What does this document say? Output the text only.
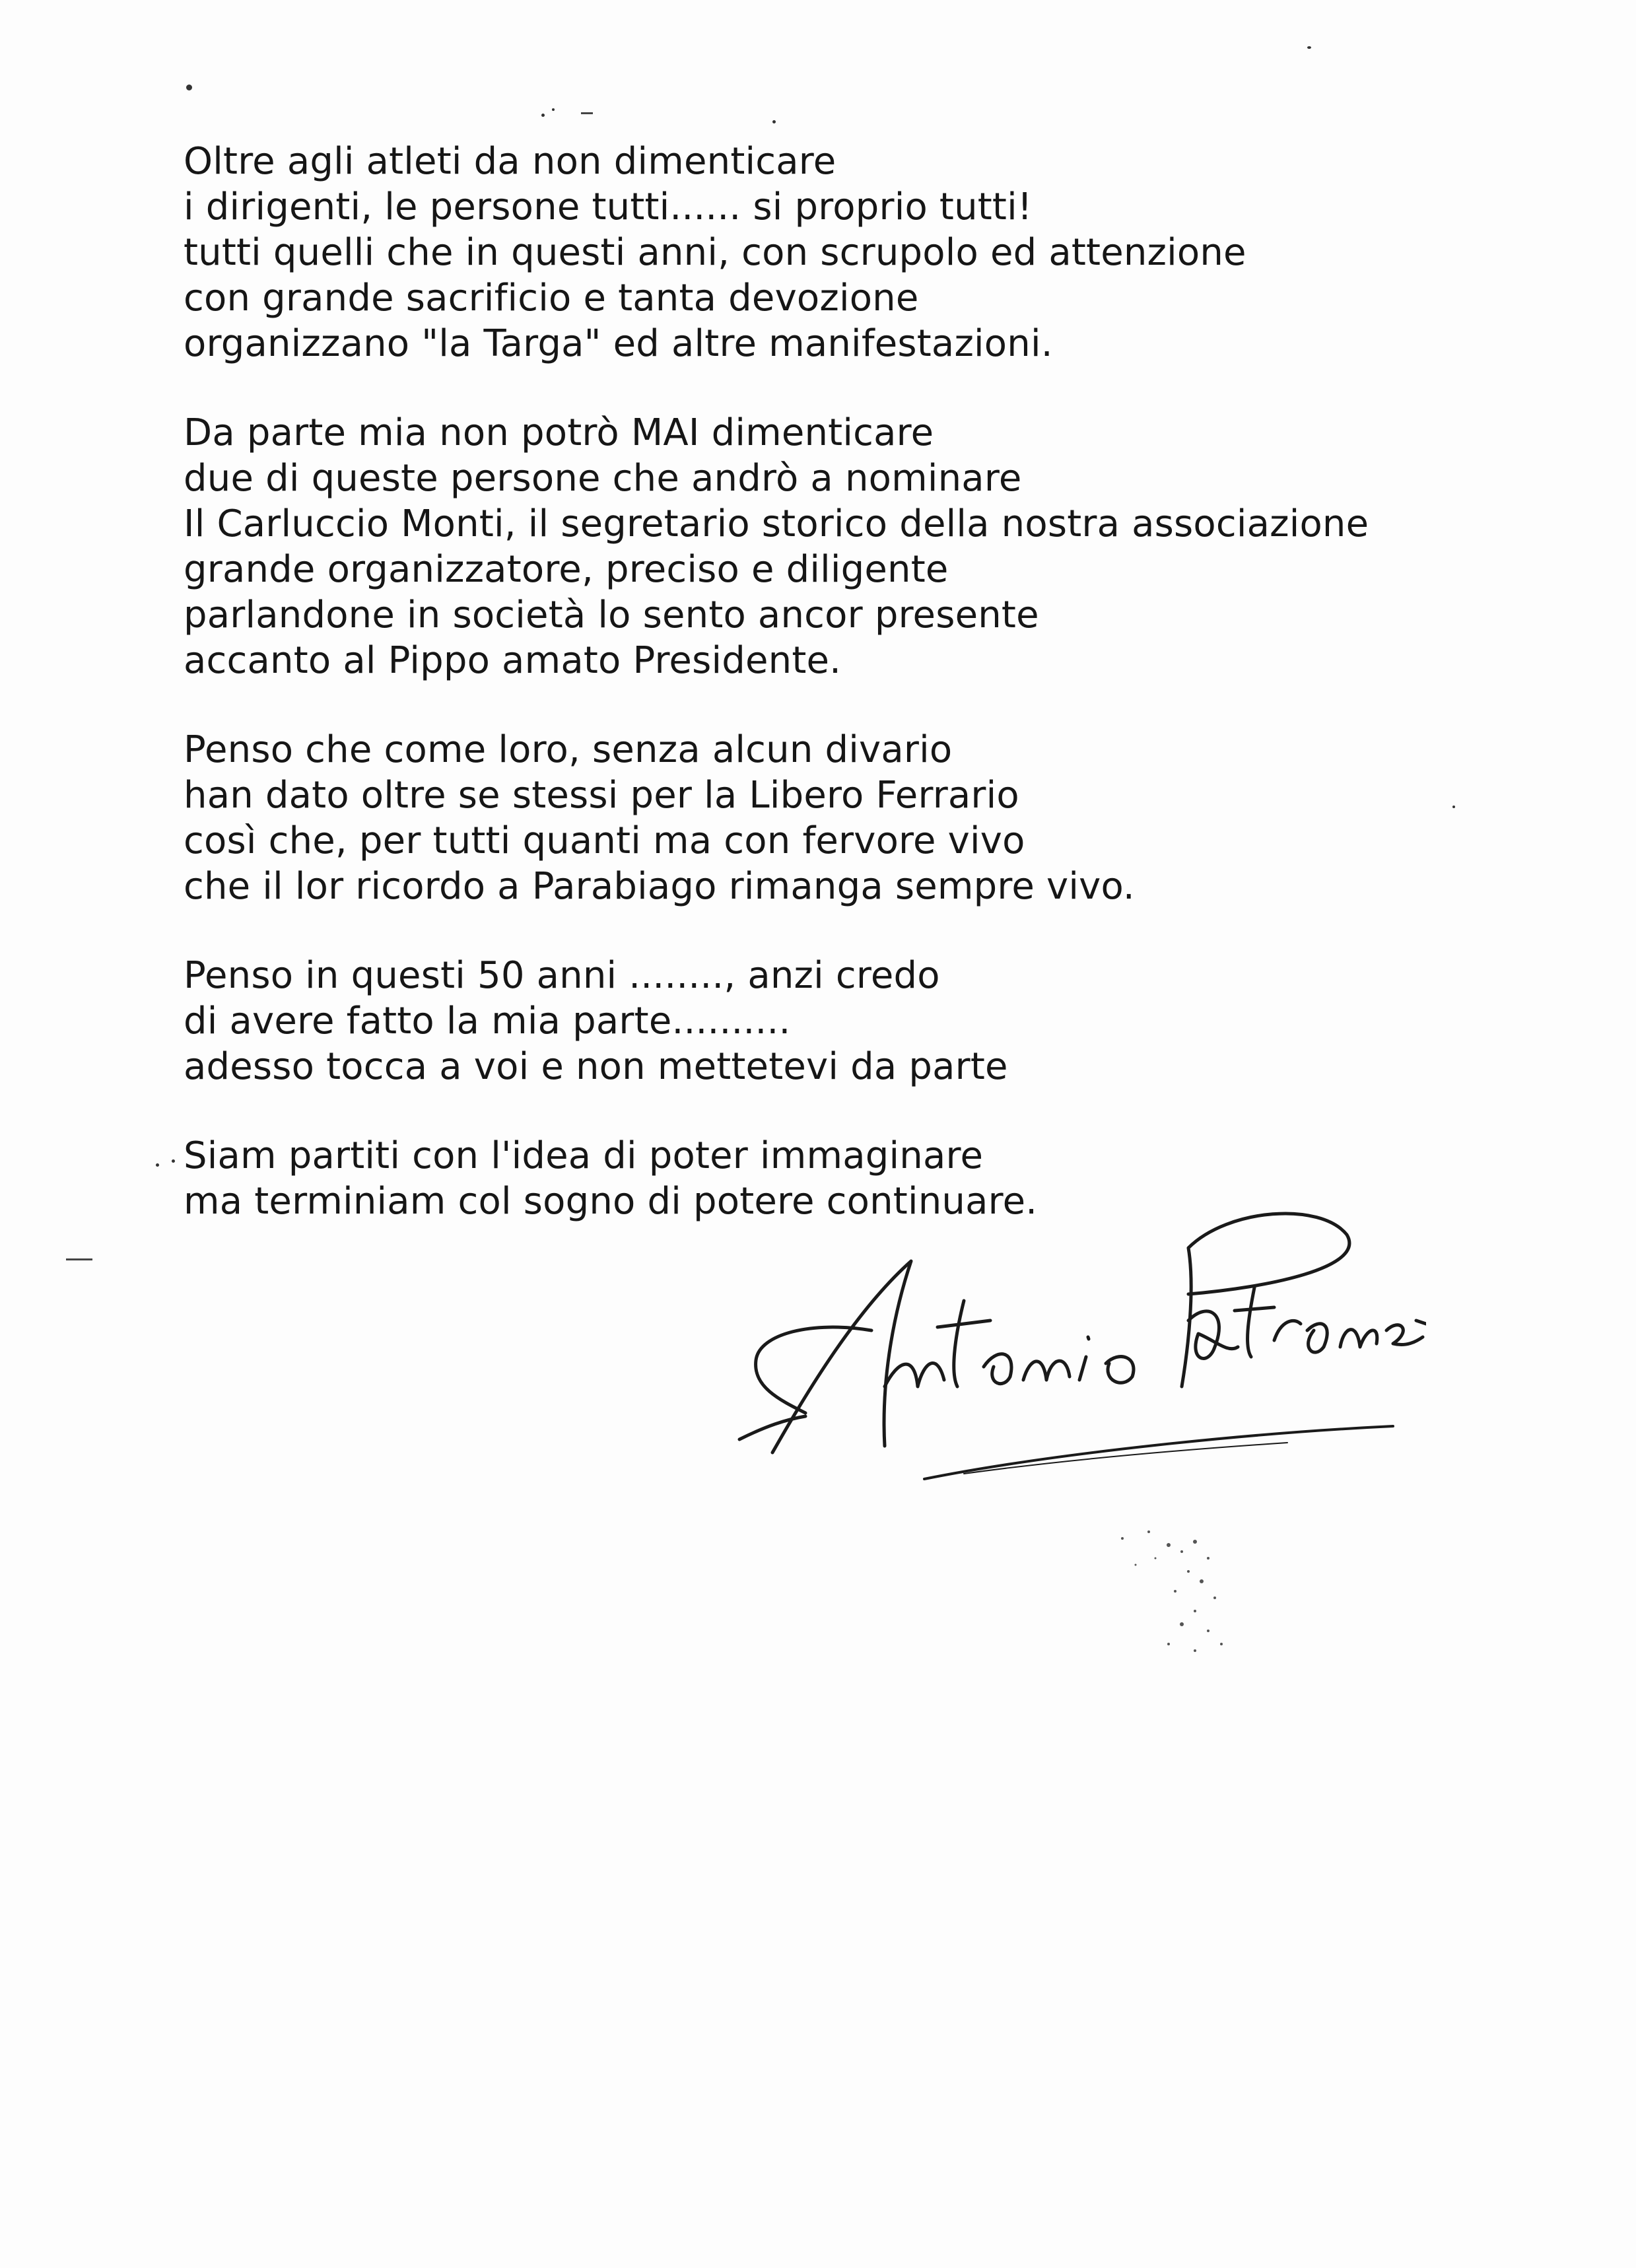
Oltre agli atleti da non dimenticare
i dirigenti, le persone tutti...... si proprio tutti!
tutti quelli che in questi anni, con scrupolo ed attenzione
con grande sacrificio e tanta devozione
organizzano "la Targa" ed altre manifestazioni.
Da parte mia non potrò MAI dimenticare
due di queste persone che andrò a nominare
Il Carluccio Monti, il segretario storico della nostra associazione
grande organizzatore, preciso e diligente
parlandone in società lo sento ancor presente
accanto al Pippo amato Presidente.
Penso che come loro, senza alcun divario
han dato oltre se stessi per la Libero Ferrario
così che, per tutti quanti ma con fervore vivo
che il lor ricordo a Parabiago rimanga sempre vivo.
Penso in questi 50 anni ........, anzi credo
di avere fatto la mia parte..........
adesso tocca a voi e non mettetevi da parte
Siam partiti con l'idea di poter immaginare
ma terminiam col sogno di potere continuare.
